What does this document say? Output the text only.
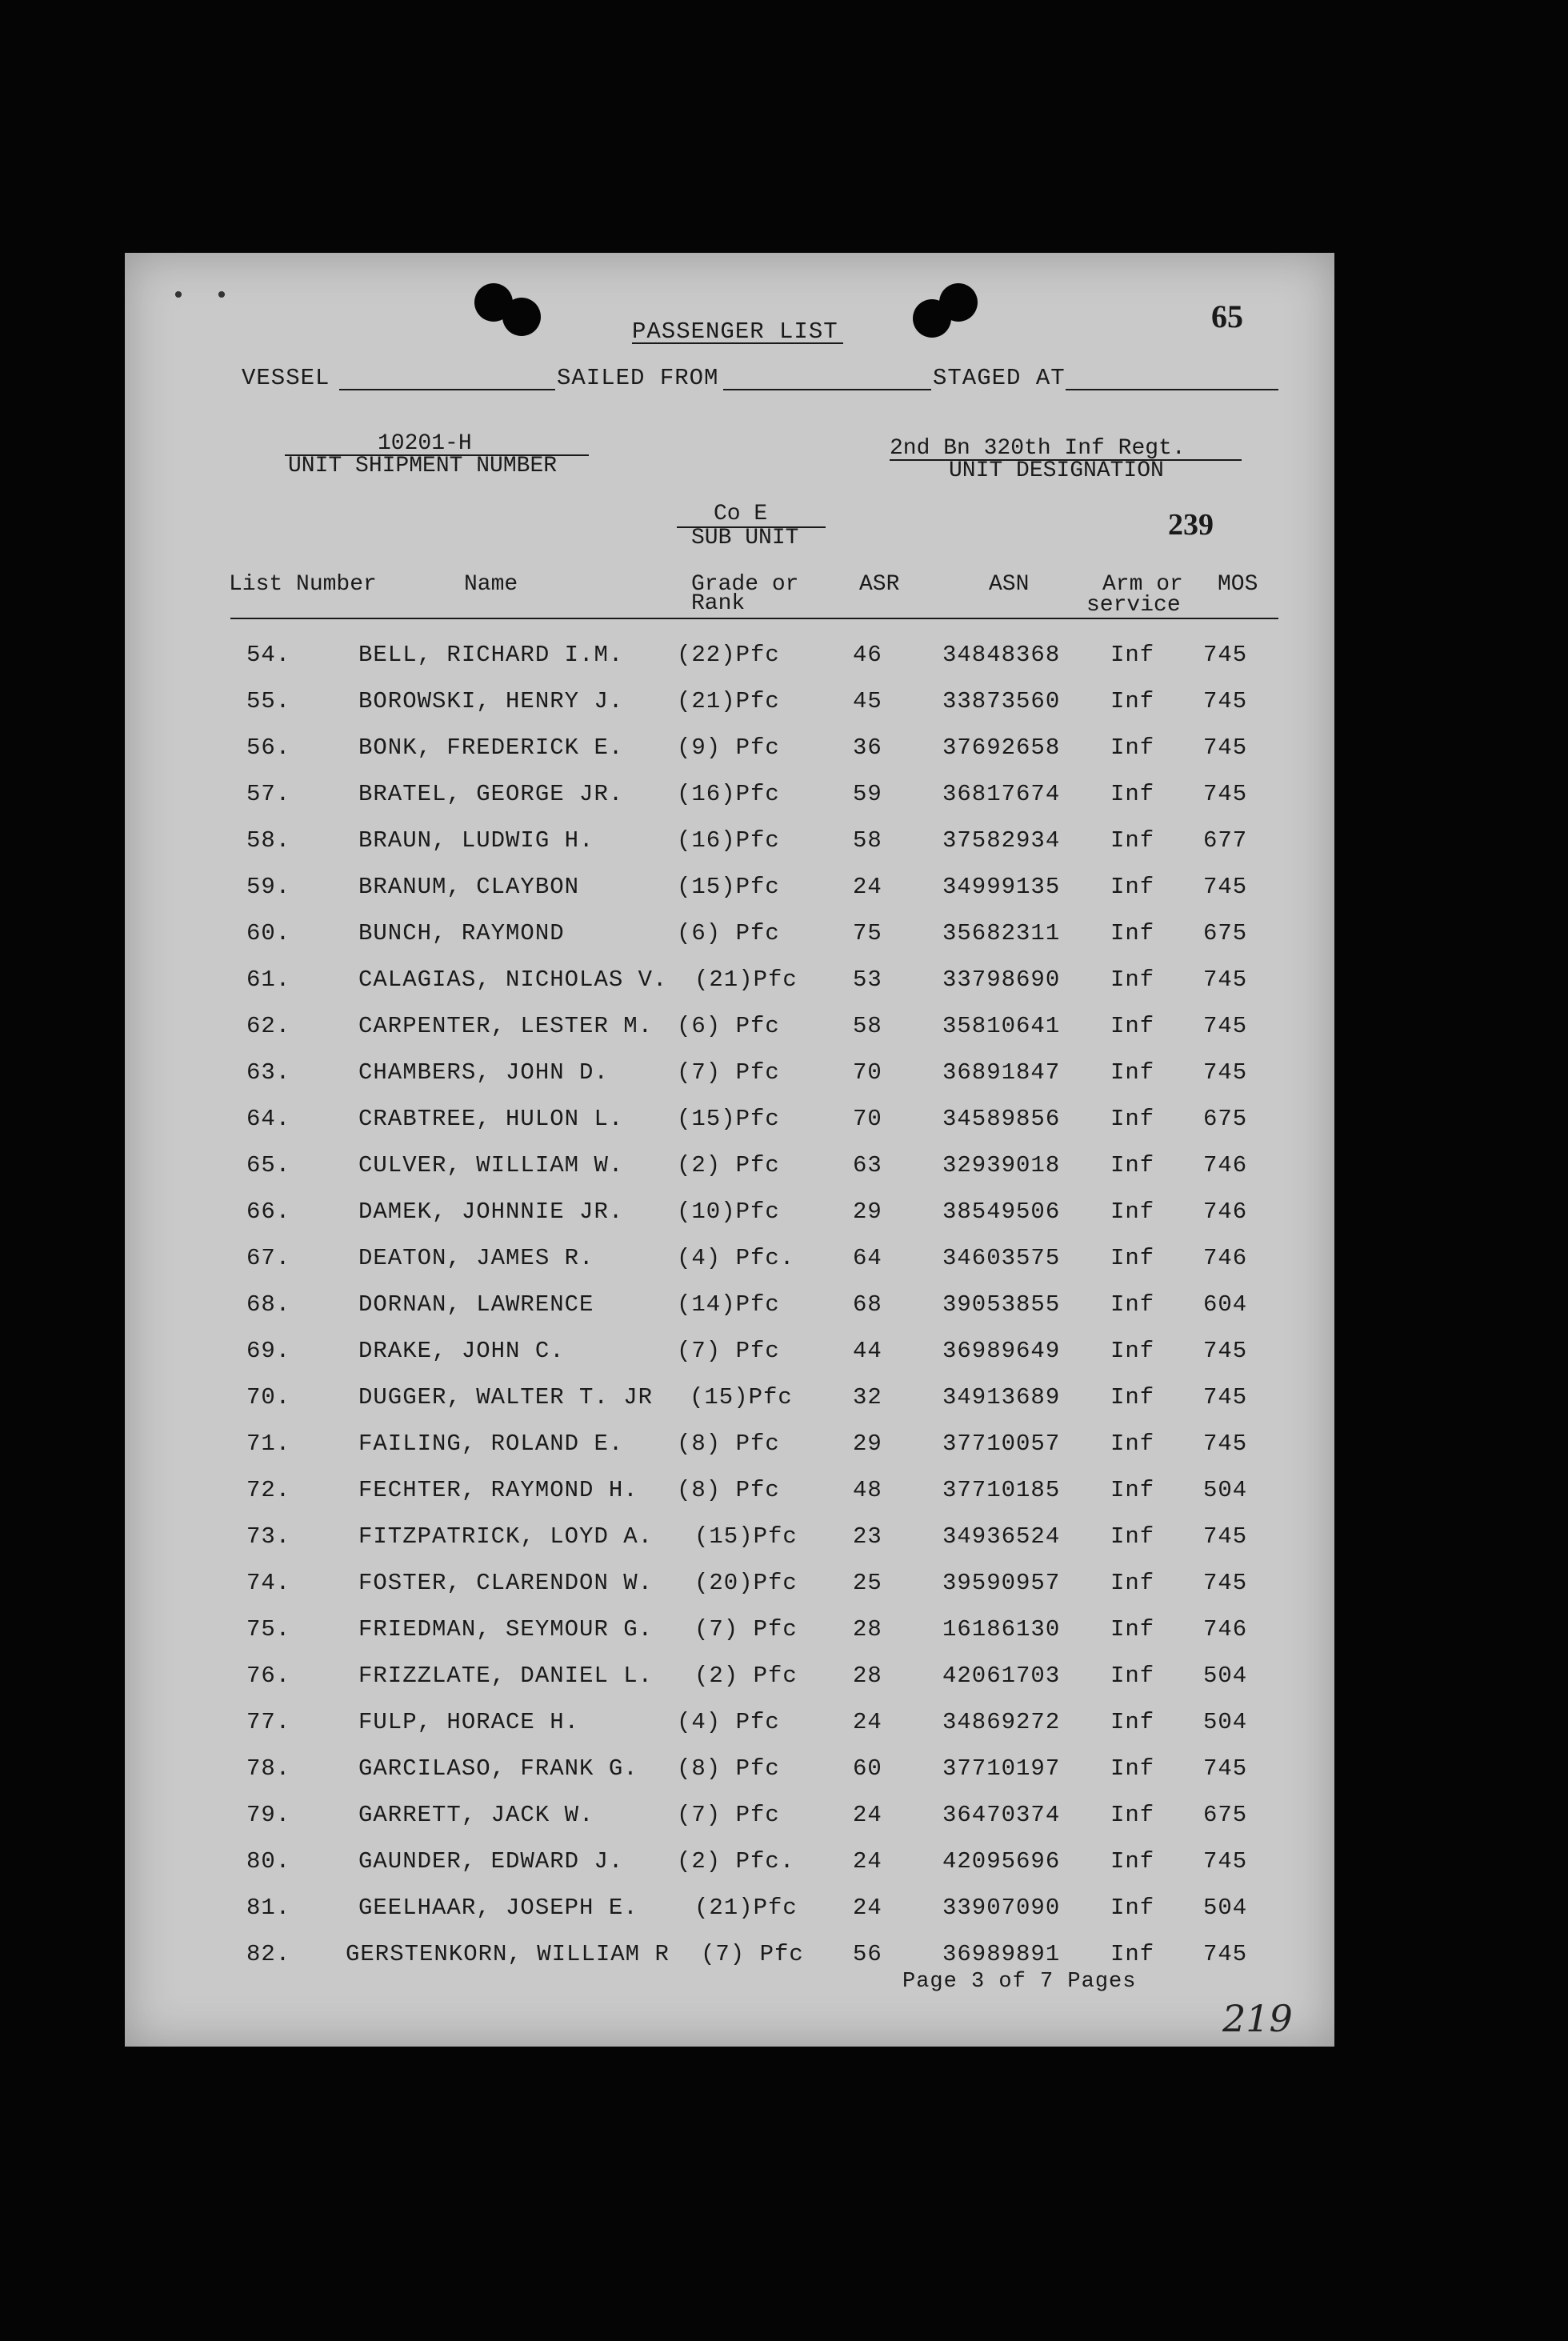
•  •
PASSENGER LIST	65
VESSEL	SAILED FROM	STAGED AT
10201-H
UNIT SHIPMENT NUMBER
2nd Bn 320th Inf Regt.
UNIT DESIGNATION
Co E
SUB UNIT	239
List Number	Name	Grade or
Rank
ASR	ASN	Arm or
service
MOS
54.	BELL, RICHARD I.M. (22)Pfc	46	34848368 Inf 745
55.	BOROWSKI, HENRY J. (21)Pfc	45	33873560 Inf 745
56.	BONK, FREDERICK E. (9) Pfc	36	37692658 Inf 745
57.	BRATEL, GEORGE JR. (16)Pfc	59	36817674 Inf 745
58.	BRAUN, LUDWIG H.	(16)Pfc	58	37582934 Inf 677
59.	BRANUM, CLAYBON	(15)Pfc	24	34999135 Inf 745
60.	BUNCH, RAYMOND	(6) Pfc	75	35682311 Inf 675
61.	CALAGIAS, NICHOLAS V. (21)Pfc 53	33798690 Inf 745
62.	CARPENTER, LESTER M. (6) Pfc	58	35810641 Inf 745
63.	CHAMBERS, JOHN D.	(7) Pfc	70	36891847 Inf 745
64.	CRABTREE, HULON L. (15)Pfc	70	34589856 Inf 675
65.	CULVER, WILLIAM W. (2) Pfc	63	32939018 Inf 746
66.	DAMEK, JOHNNIE JR. (10)Pfc	29	38549506 Inf 746
67.	DEATON, JAMES R.	(4) Pfc.	64	34603575 Inf 746
68.	DORNAN, LAWRENCE	(14)Pfc	68	39053855 Inf 604
69.	DRAKE, JOHN C.	(7) Pfc	44	36989649 Inf 745
70.	DUGGER, WALTER T. JR (15)Pfc	32	34913689 Inf 745
71.	FAILING, ROLAND E. (8) Pfc	29	37710057 Inf 745
72.	FECHTER, RAYMOND H. (8) Pfc	48	37710185 Inf 504
73.	FITZPATRICK, LOYD A. (15)Pfc 23	34936524 Inf 745
74.	FOSTER, CLARENDON W. (20)Pfc 25	39590957 Inf 745
75.	FRIEDMAN, SEYMOUR G. (7) Pfc 28	16186130 Inf 746
76.	FRIZZLATE, DANIEL L. (2) Pfc 28	42061703 Inf 504
77.	FULP, HORACE H.	(4) Pfc	24	34869272 Inf 504
78.	GARCILASO, FRANK G. (8) Pfc	60	37710197 Inf 745
79.	GARRETT, JACK W.	(7) Pfc	24	36470374 Inf 675
80.	GAUNDER, EDWARD J. (2) Pfc.	24	42095696 Inf 745
81.	GEELHAAR, JOSEPH E. (21)Pfc 24	33907090 Inf 504
82. GERSTENKORN, WILLIAM R (7) Pfc 56	36989891 Inf 745
Page 3 of 7 Pages
219
